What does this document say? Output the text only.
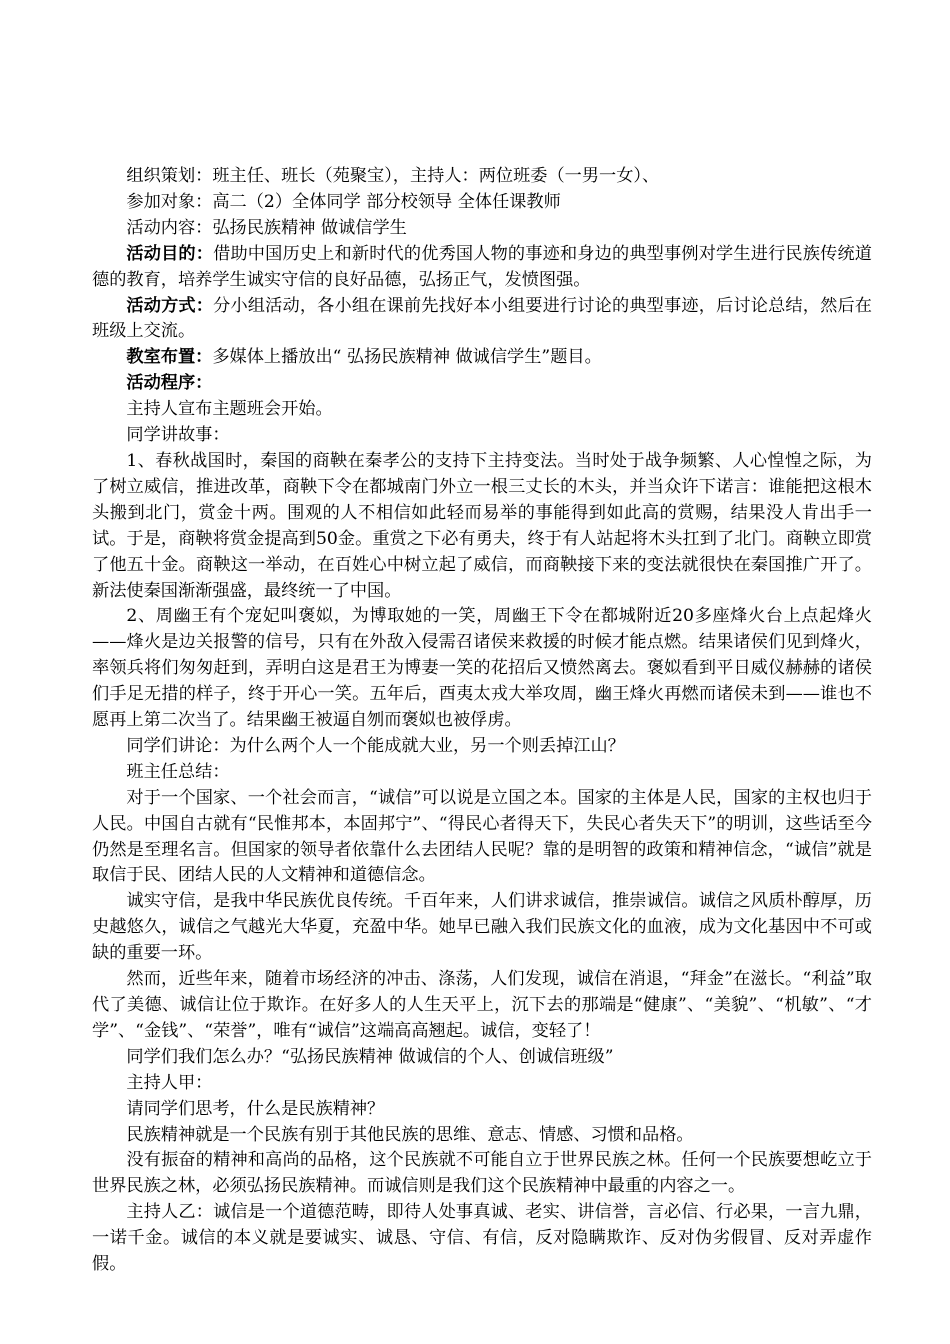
组织策划：班主任、班长（苑聚宝），主持人：两位班委（一男一女）、

参加对象：高二（2）全体同学 部分校领导 全体任课教师

活动内容：弘扬民族精神 做诚信学生

活动目的：借助中国历史上和新时代的优秀国人物的事迹和身边的典型事例对学生进行民族传统道德的教育，培养学生诚实守信的良好品德，弘扬正气，发愤图强。

活动方式：分小组活动，各小组在课前先找好本小组要进行讨论的典型事迹，后讨论总结，然后在班级上交流。

教室布置：多媒体上播放出“ 弘扬民族精神 做诚信学生”题目。

活动程序：

主持人宣布主题班会开始。

同学讲故事：

1、春秋战国时，秦国的商鞅在秦孝公的支持下主持变法。当时处于战争频繁、人心惶惶之际，为了树立威信，推进改革，商鞅下令在都城南门外立一根三丈长的木头，并当众许下诺言：谁能把这根木头搬到北门，赏金十两。围观的人不相信如此轻而易举的事能得到如此高的赏赐，结果没人肯出手一试。于是，商鞅将赏金提高到50金。重赏之下必有勇夫，终于有人站起将木头扛到了北门。商鞅立即赏了他五十金。商鞅这一举动，在百姓心中树立起了威信，而商鞅接下来的变法就很快在秦国推广开了。新法使秦国渐渐强盛，最终统一了中国。

2、周幽王有个宠妃叫褒姒，为博取她的一笑，周幽王下令在都城附近20多座烽火台上点起烽火——烽火是边关报警的信号，只有在外敌入侵需召诸侯来救援的时候才能点燃。结果诸侯们见到烽火，率领兵将们匆匆赶到，弄明白这是君王为博妻一笑的花招后又愤然离去。褒姒看到平日威仪赫赫的诸侯们手足无措的样子，终于开心一笑。五年后，酉夷太戎大举攻周，幽王烽火再燃而诸侯未到——谁也不愿再上第二次当了。结果幽王被逼自刎而褒姒也被俘虏。

同学们讲论：为什么两个人一个能成就大业，另一个则丢掉江山？

班主任总结：

对于一个国家、一个社会而言，“诚信”可以说是立国之本。国家的主体是人民，国家的主权也归于人民。中国自古就有“民惟邦本，本固邦宁”、“得民心者得天下，失民心者失天下”的明训，这些话至今仍然是至理名言。但国家的领导者依靠什么去团结人民呢？靠的是明智的政策和精神信念，“诚信”就是取信于民、团结人民的人文精神和道德信念。

诚实守信，是我中华民族优良传统。千百年来，人们讲求诚信，推崇诚信。诚信之风质朴醇厚，历史越悠久，诚信之气越光大华夏，充盈中华。她早已融入我们民族文化的血液，成为文化基因中不可或缺的重要一环。

然而，近些年来，随着市场经济的冲击、涤荡，人们发现，诚信在消退，“拜金”在滋长。“利益”取代了美德、诚信让位于欺诈。在好多人的人生天平上，沉下去的那端是“健康”、“美貌”、“机敏”、“才学”、“金钱”、“荣誉”，唯有“诚信”这端高高翘起。诚信，变轻了！

同学们我们怎么办？“弘扬民族精神 做诚信的个人、创诚信班级”

主持人甲：

请同学们思考，什么是民族精神？

民族精神就是一个民族有别于其他民族的思维、意志、情感、习惯和品格。

没有振奋的精神和高尚的品格，这个民族就不可能自立于世界民族之林。任何一个民族要想屹立于世界民族之林，必须弘扬民族精神。而诚信则是我们这个民族精神中最重的内容之一。

主持人乙：诚信是一个道德范畴，即待人处事真诚、老实、讲信誉，言必信、行必果，一言九鼎，一诺千金。诚信的本义就是要诚实、诚恳、守信、有信，反对隐瞒欺诈、反对伪劣假冒、反对弄虚作假。
